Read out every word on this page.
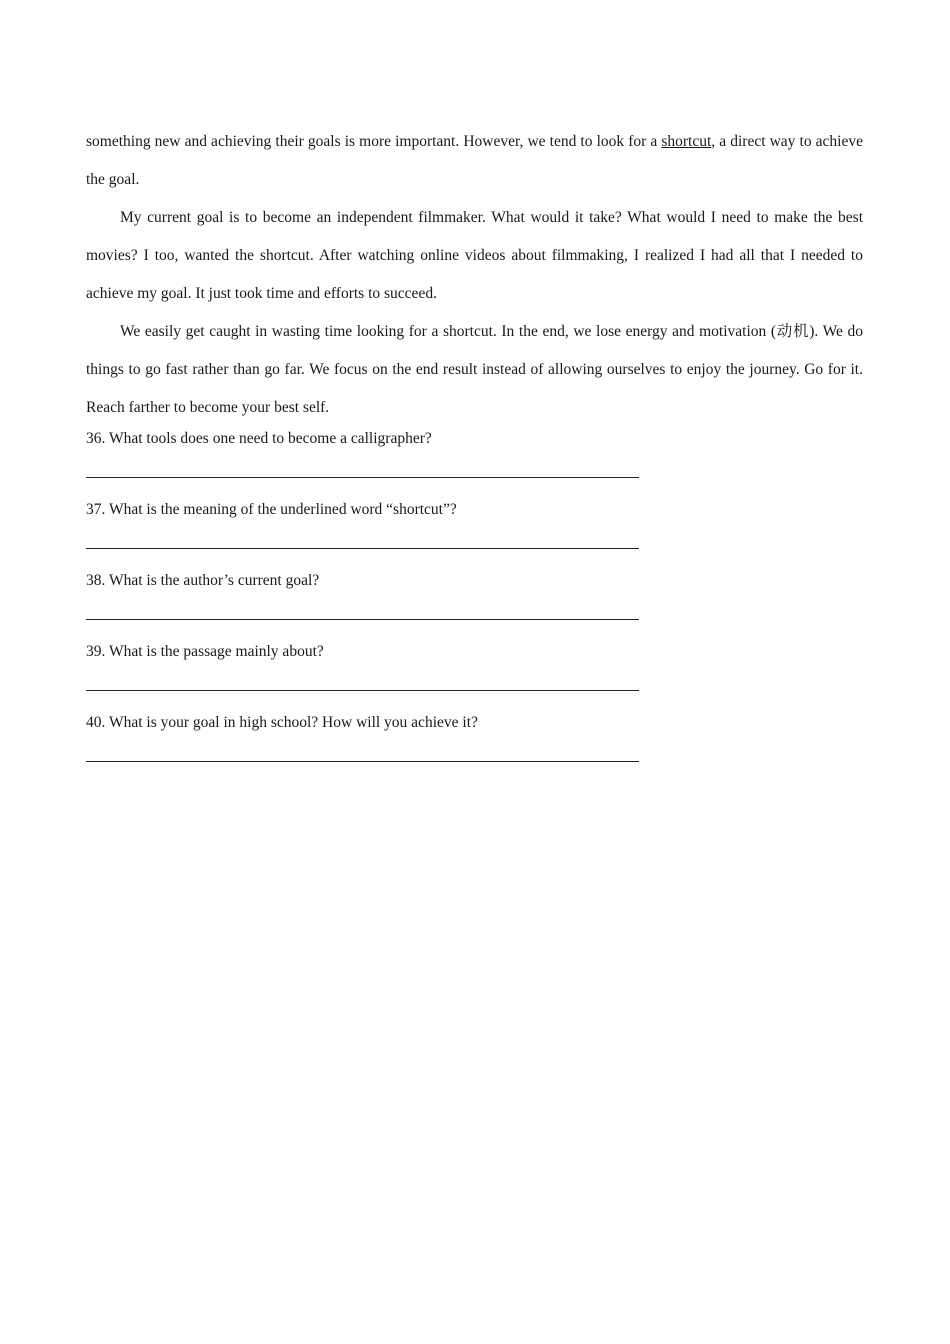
something new and achieving their goals is more important. However, we tend to look for a shortcut, a direct way to achieve the goal.

My current goal is to become an independent filmmaker. What would it take? What would I need to make the best movies? I too, wanted the shortcut. After watching online videos about filmmaking, I realized I had all that I needed to achieve my goal. It just took time and efforts to succeed.

We easily get caught in wasting time looking for a shortcut. In the end, we lose energy and motivation (动机). We do things to go fast rather than go far. We focus on the end result instead of allowing ourselves to enjoy the journey. Go for it. Reach farther to become your best self.

36. What tools does one need to become a calligrapher?

37. What is the meaning of the underlined word “shortcut”?

38. What is the author’s current goal?

39. What is the passage mainly about?

40. What is your goal in high school? How will you achieve it?
